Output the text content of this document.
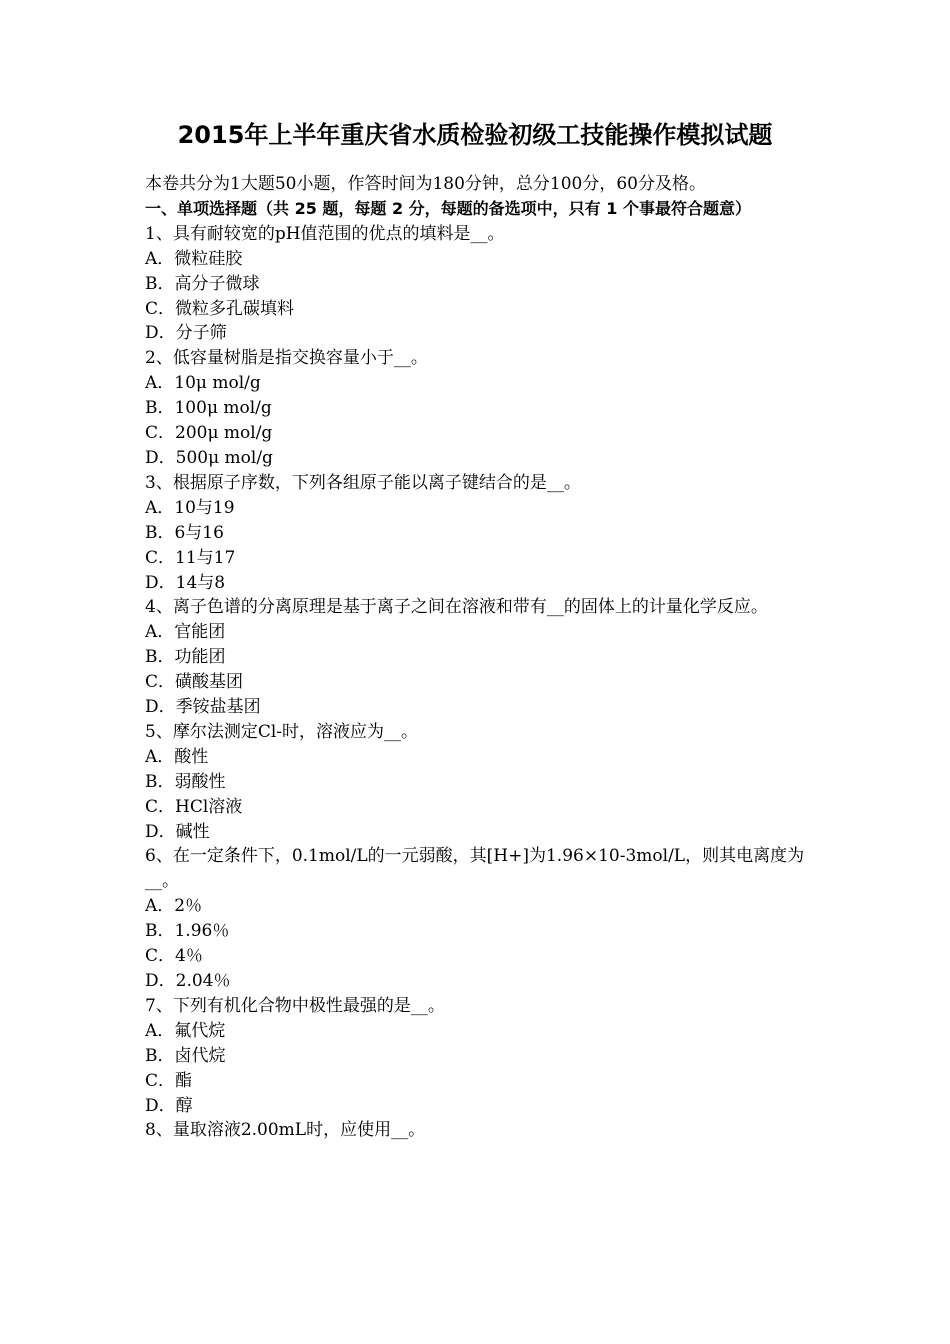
2015年上半年重庆省水质检验初级工技能操作模拟试题

本卷共分为1大题50小题，作答时间为180分钟，总分100分，60分及格。

一、单项选择题（共 25 题，每题 2 分，每题的备选项中，只有 1 个事最符合题意）

1、具有耐较宽的pH值范围的优点的填料是__。

A．微粒硅胶

B．高分子微球

C．微粒多孔碳填料

D．分子筛

2、低容量树脂是指交换容量小于__。

A．10μ mol/g

B．100μ mol/g

C．200μ mol/g

D．500μ mol/g

3、根据原子序数，下列各组原子能以离子键结合的是__。

A．10与19

B．6与16

C．11与17

D．14与8

4、离子色谱的分离原理是基于离子之间在溶液和带有__的固体上的计量化学反应。

A．官能团

B．功能团

C．磺酸基团

D．季铵盐基团

5、摩尔法测定Cl-时，溶液应为__。

A．酸性

B．弱酸性

C．HCl溶液

D．碱性

6、在一定条件下，0.1mol/L的一元弱酸，其[H+]为1.96×10-3mol/L，则其电离度为__。

A．2％

B．1.96％

C．4％

D．2.04％

7、下列有机化合物中极性最强的是__。

A．氟代烷

B．卤代烷

C．酯

D．醇

8、量取溶液2.00mL时，应使用__。
